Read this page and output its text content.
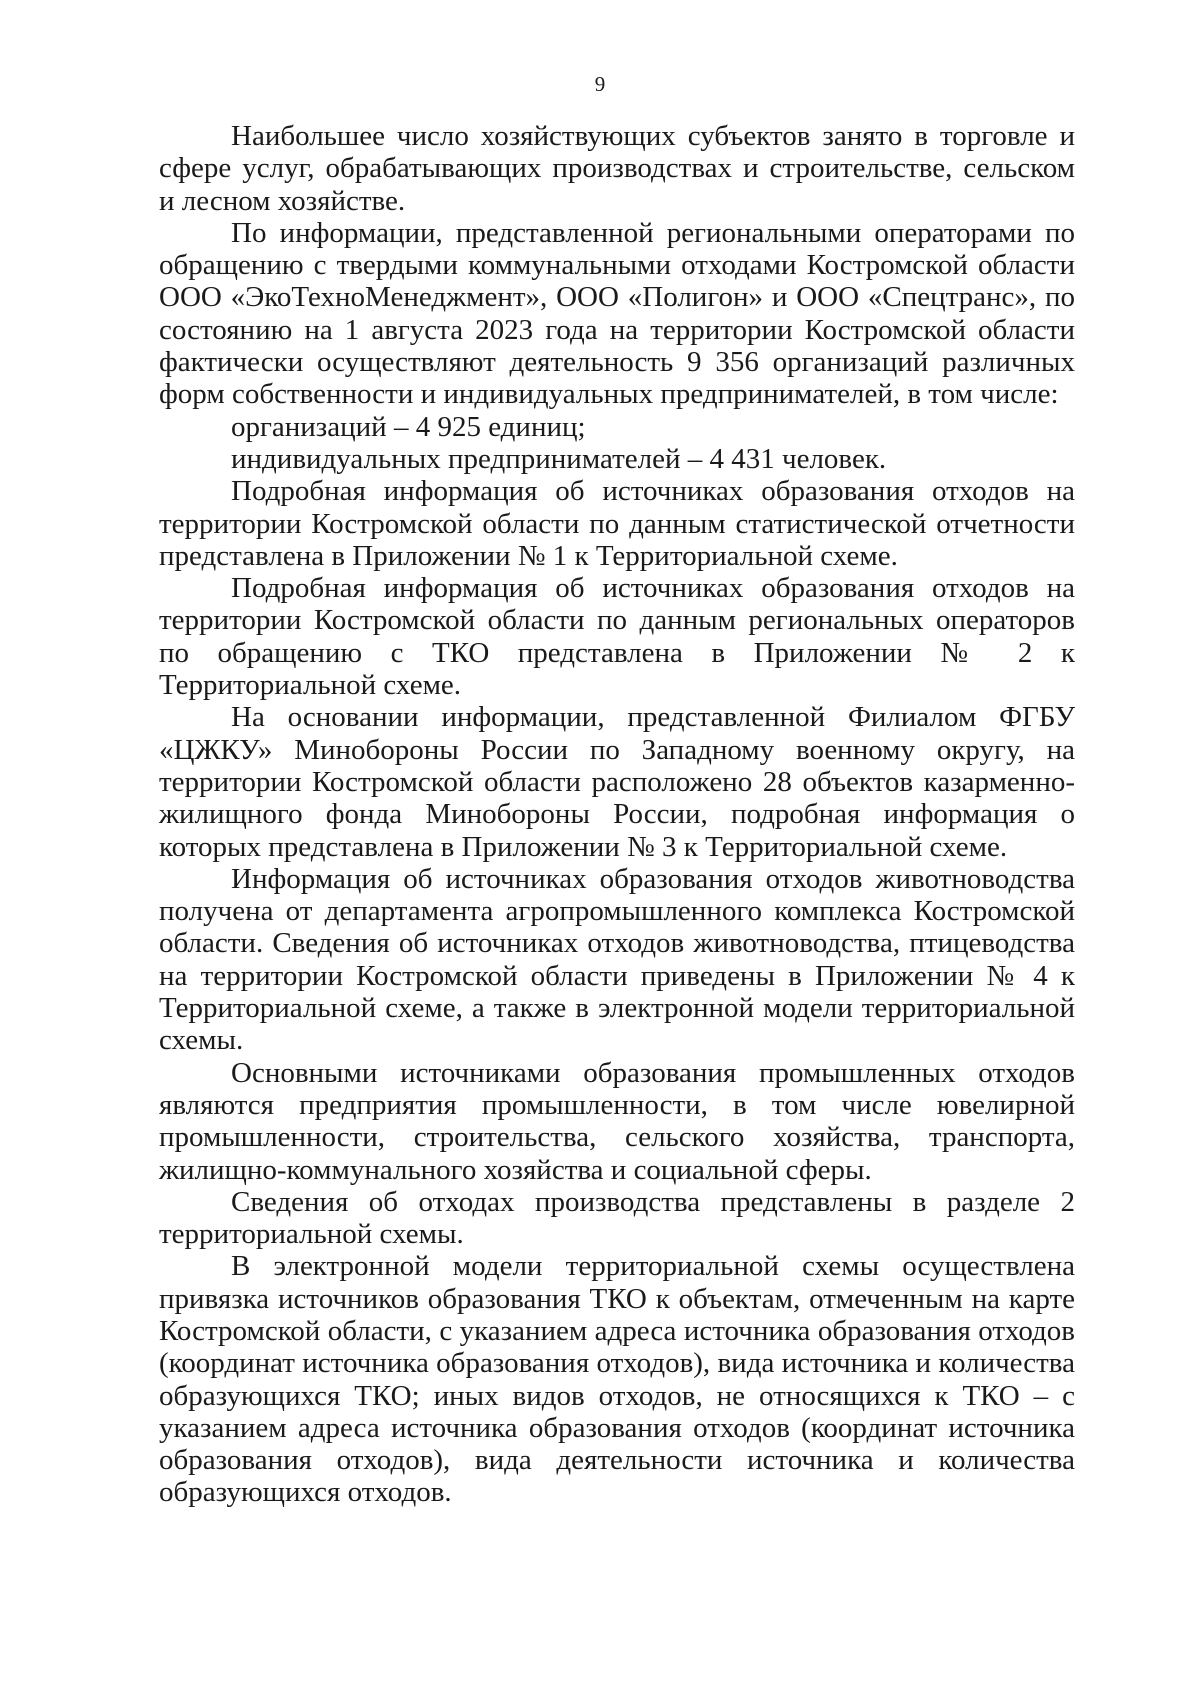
9

Наибольшее число хозяйствующих субъектов занято в торговле и сфере услуг, обрабатывающих производствах и строительстве, сельском и лесном хозяйстве.

По информации, представленной региональными операторами по обращению с твердыми коммунальными отходами Костромской области ООО «ЭкоТехноМенеджмент», ООО «Полигон» и ООО «Спецтранс», по состоянию на 1 августа 2023 года на территории Костромской области фактически осуществляют деятельность 9 356 организаций различных форм собственности и индивидуальных предпринимателей, в том числе:

организаций – 4 925 единиц;

индивидуальных предпринимателей – 4 431 человек.

Подробная информация об источниках образования отходов на территории Костромской области по данным статистической отчетности представлена в Приложении № 1 к Территориальной схеме.

Подробная информация об источниках образования отходов на территории Костромской области по данным региональных операторов по обращению с ТКО представлена в Приложении № 2 к Территориальной схеме.

На основании информации, представленной Филиалом ФГБУ «ЦЖКУ» Минобороны России по Западному военному округу, на территории Костромской области расположено 28 объектов казарменно-жилищного фонда Минобороны России, подробная информация о которых представлена в Приложении № 3 к Территориальной схеме.

Информация об источниках образования отходов животноводства получена от департамента агропромышленного комплекса Костромской области. Сведения об источниках отходов животноводства, птицеводства на территории Костромской области приведены в Приложении № 4 к Территориальной схеме, а также в электронной модели территориальной схемы.

Основными источниками образования промышленных отходов являются предприятия промышленности, в том числе ювелирной промышленности, строительства, сельского хозяйства, транспорта, жилищно-коммунального хозяйства и социальной сферы.

Сведения об отходах производства представлены в разделе 2 территориальной схемы.

В электронной модели территориальной схемы осуществлена привязка источников образования ТКО к объектам, отмеченным на карте Костромской области, с указанием адреса источника образования отходов (координат источника образования отходов), вида источника и количества образующихся ТКО; иных видов отходов, не относящихся к ТКО – с указанием адреса источника образования отходов (координат источника образования отходов), вида деятельности источника и количества образующихся отходов.
